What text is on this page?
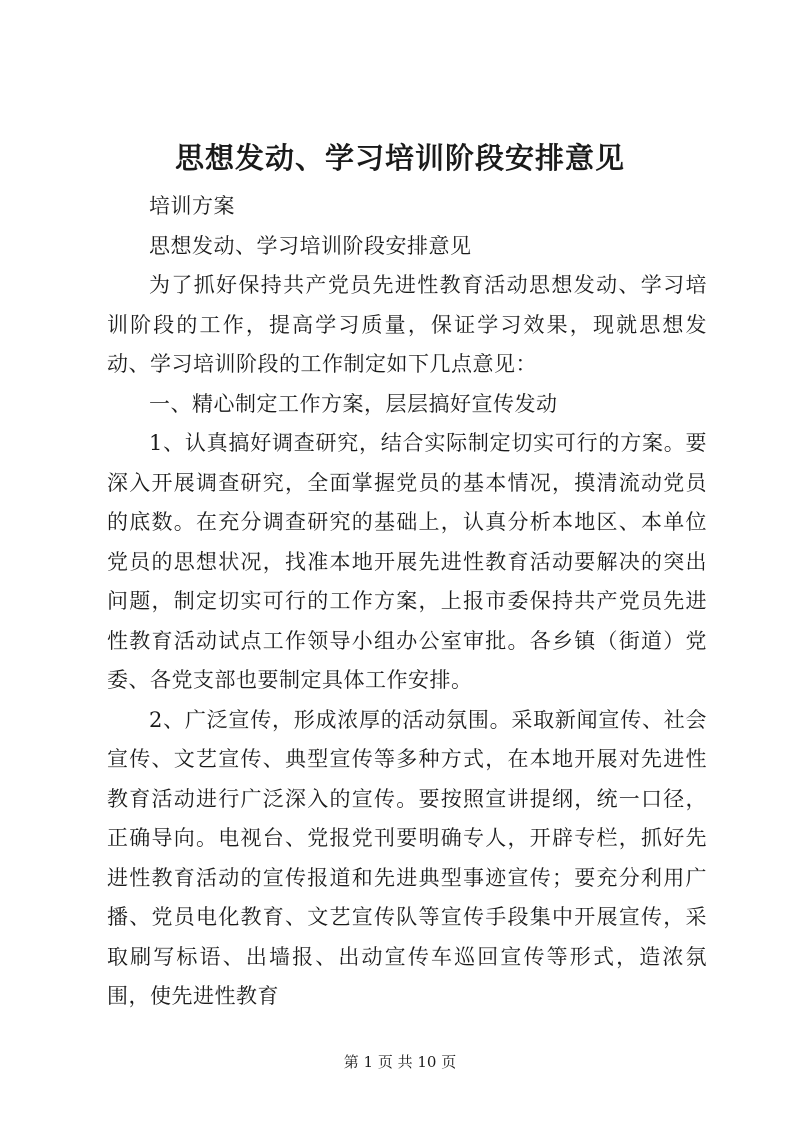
思想发动、学习培训阶段安排意见

培训方案

思想发动、学习培训阶段安排意见

为了抓好保持共产党员先进性教育活动思想发动、学习培训阶段的工作，提高学习质量，保证学习效果，现就思想发动、学习培训阶段的工作制定如下几点意见：

一、精心制定工作方案，层层搞好宣传发动

1、认真搞好调查研究，结合实际制定切实可行的方案。要深入开展调查研究，全面掌握党员的基本情况，摸清流动党员的底数。在充分调查研究的基础上，认真分析本地区、本单位党员的思想状况，找准本地开展先进性教育活动要解决的突出问题，制定切实可行的工作方案，上报市委保持共产党员先进性教育活动试点工作领导小组办公室审批。各乡镇（街道）党委、各党支部也要制定具体工作安排。

2、广泛宣传，形成浓厚的活动氛围。采取新闻宣传、社会宣传、文艺宣传、典型宣传等多种方式，在本地开展对先进性教育活动进行广泛深入的宣传。要按照宣讲提纲，统一口径，正确导向。电视台、党报党刊要明确专人，开辟专栏，抓好先进性教育活动的宣传报道和先进典型事迹宣传；要充分利用广播、党员电化教育、文艺宣传队等宣传手段集中开展宣传，采取刷写标语、出墙报、出动宣传车巡回宣传等形式，造浓氛围，使先进性教育

第 1 页 共 10 页
